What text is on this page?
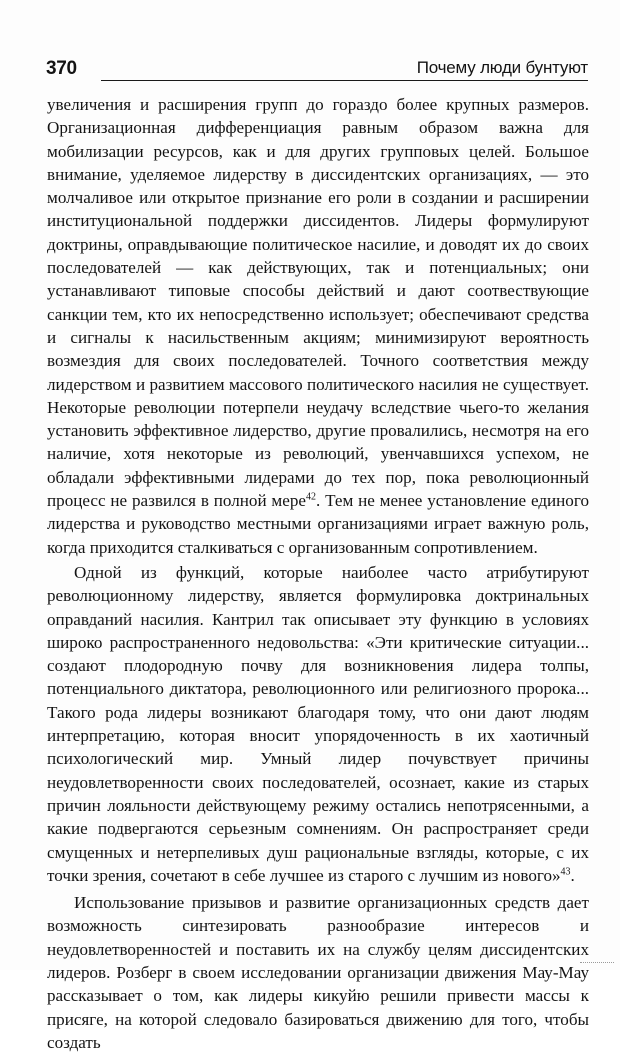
370	Почему люди бунтуют

увеличения и расширения групп до гораздо более крупных размеров. Организационная дифференциация равным образом важна для мобилизации ресурсов, как и для других групповых целей. Большое внимание, уделяемое лидерству в диссидентских организациях, — это молчаливое или открытое признание его роли в создании и расширении институциональной поддержки диссидентов. Лидеры формулируют доктрины, оправдывающие политическое насилие, и доводят их до своих последователей — как действующих, так и потенциальных; они устанавливают типовые способы действий и дают соотвествующие санкции тем, кто их непосредственно использует; обеспечивают средства и сигналы к насильственным акциям; минимизируют вероятность возмездия для своих последователей. Точного соответствия между лидерством и развитием массового политического насилия не существует. Некоторые революции потерпели неудачу вследствие чьего-то желания установить эффективное лидерство, другие провалились, несмотря на его наличие, хотя некоторые из революций, увенчавшихся успехом, не обладали эффективными лидерами до тех пор, пока революционный процесс не развился в полной мере$^{42}$. Тем не менее установление единого лидерства и руководство местными организациями играет важную роль, когда приходится сталкиваться с организованным сопротивлением.

Одной из функций, которые наиболее часто атрибутируют революционному лидерству, является формулировка доктринальных оправданий насилия. Кантрил так описывает эту функцию в условиях широко распространенного недовольства: «Эти критические ситуации... создают плодородную почву для возникновения лидера толпы, потенциального диктатора, революционного или религиозного пророка... Такого рода лидеры возникают благодаря тому, что они дают людям интерпретацию, которая вносит упорядоченность в их хаотичный психологический мир. Умный лидер почувствует причины неудовлетворенности своих последователей, осознает, какие из старых причин лояльности действующему режиму остались непотрясенными, а какие подвергаются серьезным сомнениям. Он распространяет среди смущенных и нетерпеливых душ рациональные взгляды, которые, с их точки зрения, сочетают в себе лучшее из старого с лучшим из нового»$^{43}$.

Использование призывов и развитие организационных средств дает возможность синтезировать разнообразие интересов и неудовлетворенностей и поставить их на службу целям диссидентских лидеров. Розберг в своем исследовании организации движения Мау-Мау рассказывает о том, как лидеры кикуйю решили привести массы к присяге, на которой следовало базироваться движению для того, чтобы создать
